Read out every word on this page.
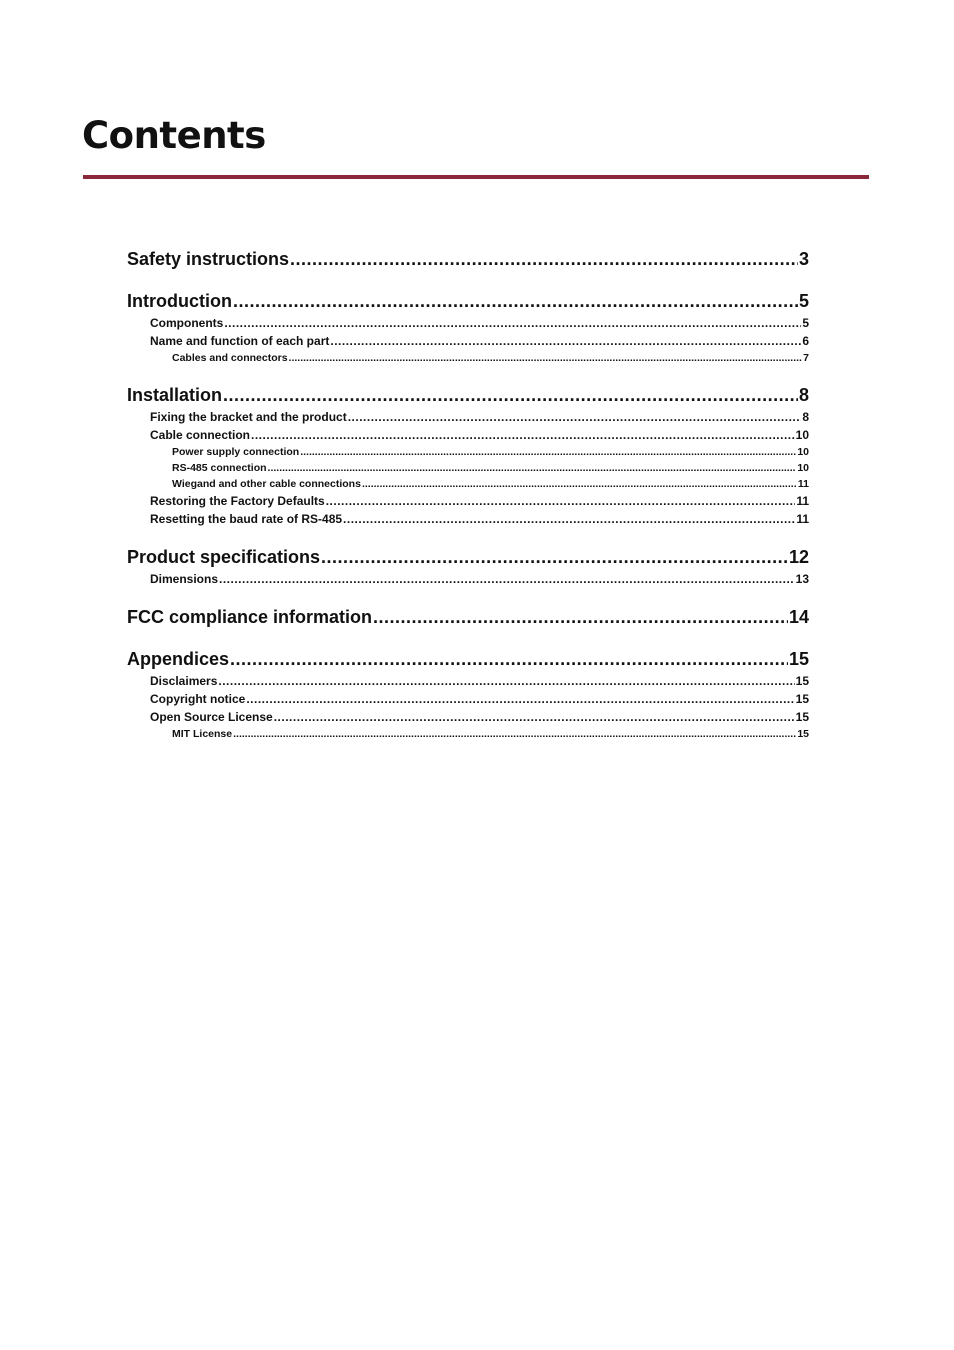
Contents
Safety instructions .....	3
Introduction .....	5
Components .....	5
Name and function of each part .....	6
Cables and connectors .....	7
Installation .....	8
Fixing the bracket and the product .....	8
Cable connection .....	10
Power supply connection .....	10
RS-485 connection .....	10
Wiegand and other cable connections .....	11
Restoring the Factory Defaults .....	11
Resetting the baud rate of RS-485 .....	11
Product specifications .....	12
Dimensions .....	13
FCC compliance information .....	14
Appendices .....	15
Disclaimers .....	15
Copyright notice .....	15
Open Source License .....	15
MIT License .....	15
